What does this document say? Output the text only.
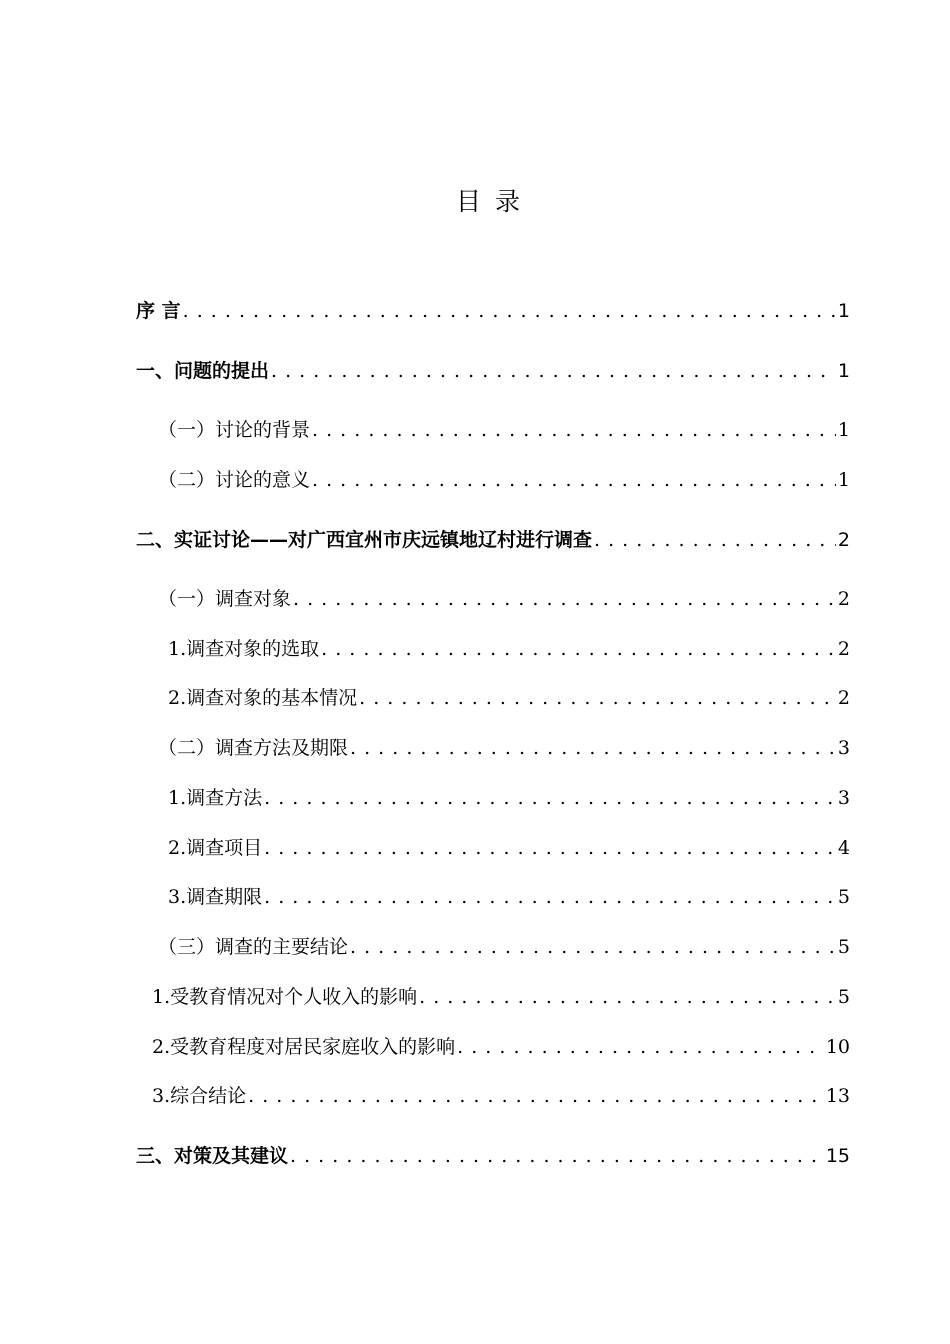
目录
序 言 . . .	1
一、问题的提出 . . .	1
（一）讨论的背景 . . .	1
（二）讨论的意义 . . .	1
二、实证讨论——对广西宜州市庆远镇地辽村进行调查 . . .	2
（一）调查对象 . . .	2
1.调查对象的选取 . . .	2
2.调查对象的基本情况 . . .	2
（二）调查方法及期限 . . .	3
1.调查方法 . . .	3
2.调查项目 . . .	4
3.调查期限 . . .	5
（三）调查的主要结论 . . .	5
1.受教育情况对个人收入的影响 . . .	5
2.受教育程度对居民家庭收入的影响 . . .	10
3.综合结论 . . .	13
三、对策及其建议 . . .	15
